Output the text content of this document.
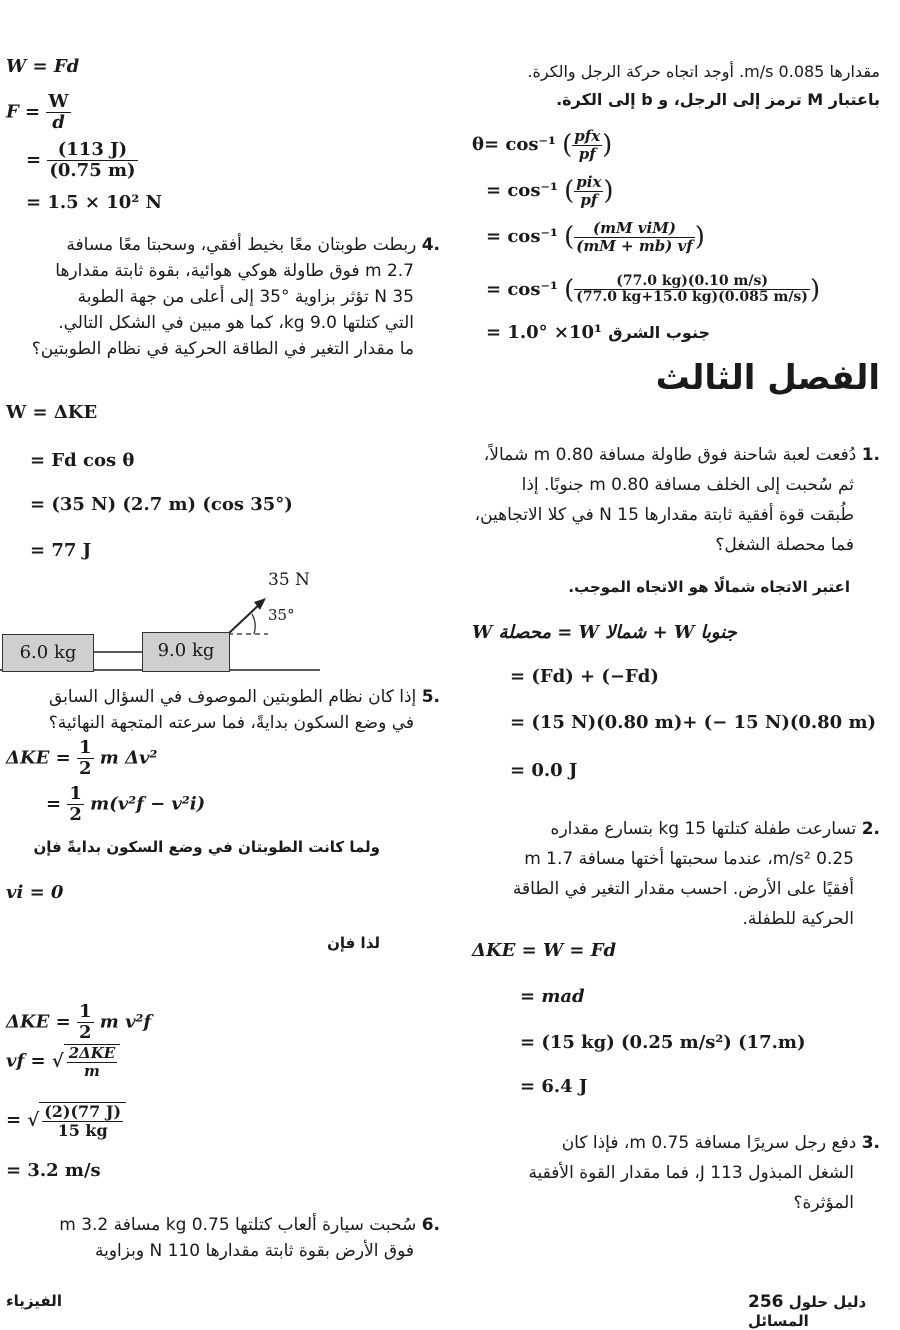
W = Fd
$F = \frac{W}{d}$
= $\frac{(113 J)}{(0.75 m)}$
= 1.5 × 10² N
.4 ربطت طوبتان معًا بخيط أفقي، وسحبتا معًا مسافة
2.7 m فوق طاولة هوكي هوائية، بقوة ثابتة مقدارها
35 N تؤثر بزاوية °35 إلى أعلى من جهة الطوبة
التي كتلتها 9.0 kg، كما هو مبين في الشكل التالي.
ما مقدار التغير في الطاقة الحركية في نظام الطوبتين؟
W = ΔKE
= Fd cos θ
= (35 N) (2.7 m) (cos 35°)
= 77 J
35 N
35°
6.0 kg	9.0 kg
.5 إذا كان نظام الطوبتين الموصوف في السؤال السابق
في وضع السكون بدايةً، فما سرعته المتجهة النهائية؟
$\Delta KE = \frac{1}{2}$ m Δv²
= $\frac{1}{2} m(v^2f - v^2i)$
ولما كانت الطوبتان في وضع السكون بدايةً فإن
vi = 0
لذا فإن
$\Delta KE = \frac{1}{2}$ m v²f
vf = √ $\frac{\text{2ΔKE}}{m}$
= √ $\frac{(2)(77 J)}{15 kg}$
= 3.2 m/s
.6 سُحبت سيارة ألعاب كتلتها 0.75 kg مسافة 3.2 m
فوق الأرض بقوة ثابتة مقدارها 110 N وبزاوية
مقدارها m/s 0.085. أوجد اتجاه حركة الرجل والكرة.
باعتبار M ترمز إلى الرجل، و b إلى الكرة.
θ= cos⁻¹ ( $\frac{\text{pfx}}{pf}$ )
= cos⁻¹ ( $\frac{\text{pix}}{pf}$ )
= cos⁻¹ ( $\frac{\text{(mM viM)}}{(mM + mb) vf}$ )
= cos⁻¹ ( $\frac{(77.0 kg)(0.10 m/s)}{(77.0 kg+15.0 kg)(0.085 m/s)}$ )
= 1.0° ×10¹ جنوب الشرق
الفصل الثالث
.1 دُفعت لعبة شاحنة فوق طاولة مسافة 0.80 m شمالاً،
ثم سُحبت إلى الخلف مسافة 0.80 m جنوبًا. إذا
طُبقت قوة أفقية ثابتة مقدارها 15 N في كلا الاتجاهين،
فما محصلة الشغل؟
اعتبر الاتجاه شمالًا هو الاتجاه الموجب.
W محصلة = W شمالا + W جنوبا
= (Fd) + (−Fd)
= (15 N)(0.80 m)+ (− 15 N)(0.80 m)
= 0.0 J
.2 تسارعت طفلة كتلتها 15 kg بتسارع مقداره
0.25 m/s²، عندما سحبتها أختها مسافة 1.7 m
أفقيًا على الأرض. احسب مقدار التغير في الطاقة
الحركية للطفلة.
ΔKE = W = Fd
= mad
= (15 kg) (0.25 m/s²) (17.m)
= 6.4 J
.3 دفع رجل سريرًا مسافة 0.75 m، فإذا كان
الشغل المبذول 113 J، فما مقدار القوة الأفقية
المؤثرة؟
الفيزياء	256 دليل حلول المسائل
